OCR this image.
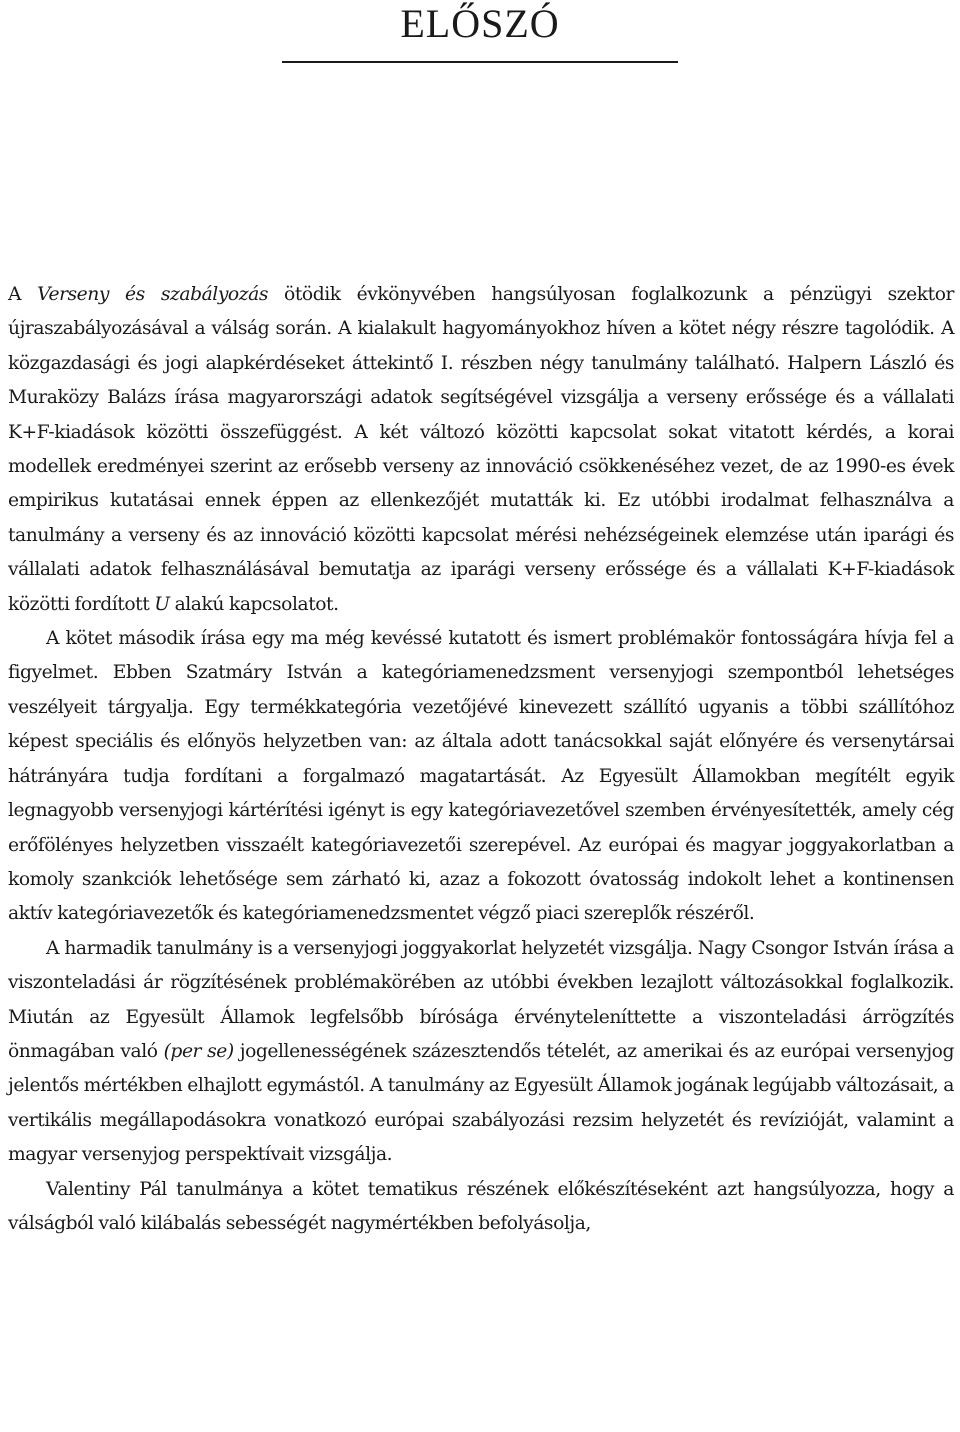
ELŐSZÓ

A Verseny és szabályozás ötödik évkönyvében hangsúlyosan foglalkozunk a pénzügyi szektor újraszabályozásával a válság során. A kialakult hagyományokhoz híven a kötet négy részre tagolódik. A közgazdasági és jogi alapkérdéseket áttekintő I. részben négy tanulmány található. Halpern László és Muraközy Balázs írása magyarországi adatok segítségével vizsgálja a verseny erőssége és a vállalati K+F-kiadások közötti összefüggést. A két változó közötti kapcsolat sokat vitatott kérdés, a korai modellek eredményei szerint az erősebb verseny az innováció csökkenéséhez vezet, de az 1990-es évek empirikus kutatásai ennek éppen az ellenkezőjét mutatták ki. Ez utóbbi irodalmat felhasználva a tanulmány a verseny és az innováció közötti kapcsolat mérési nehézségeinek elemzése után iparági és vállalati adatok felhasználásával bemutatja az iparági verseny erőssége és a vállalati K+F-kiadások közötti fordított U alakú kapcsolatot.

A kötet második írása egy ma még kevéssé kutatott és ismert problémakör fontosságára hívja fel a figyelmet. Ebben Szatmáry István a kategóriamenedzsment versenyjogi szempontból lehetséges veszélyeit tárgyalja. Egy termékkategória vezetőjévé kinevezett szállító ugyanis a többi szállítóhoz képest speciális és előnyös helyzetben van: az általa adott tanácsokkal saját előnyére és versenytársai hátrányára tudja fordítani a forgalmazó magatartását. Az Egyesült Államokban megítélt egyik legnagyobb versenyjogi kártérítési igényt is egy kategóriavezetővel szemben érvényesítették, amely cég erőfölényes helyzetben visszaélt kategóriavezetői szerepével. Az európai és magyar joggyakorlatban a komoly szankciók lehetősége sem zárható ki, azaz a fokozott óvatosság indokolt lehet a kontinensen aktív kategóriavezetők és kategóriamenedzsmentet végző piaci szereplők részéről.

A harmadik tanulmány is a versenyjogi joggyakorlat helyzetét vizsgálja. Nagy Csongor István írása a viszonteladási ár rögzítésének problémakörében az utóbbi években lezajlott változásokkal foglalkozik. Miután az Egyesült Államok legfelsőbb bírósága érvényteleníttette a viszonteladási árrögzítés önmagában való (per se) jogellenességének százesztendős tételét, az amerikai és az európai versenyjog jelentős mértékben elhajlott egymástól. A tanulmány az Egyesült Államok jogának legújabb változásait, a vertikális megállapodásokra vonatkozó európai szabályozási rezsim helyzetét és revízióját, valamint a magyar versenyjog perspektívait vizsgálja.

Valentiny Pál tanulmánya a kötet tematikus részének előkészítéseként azt hangsúlyozza, hogy a válságból való kilábalás sebességét nagymértékben befolyásolja,
